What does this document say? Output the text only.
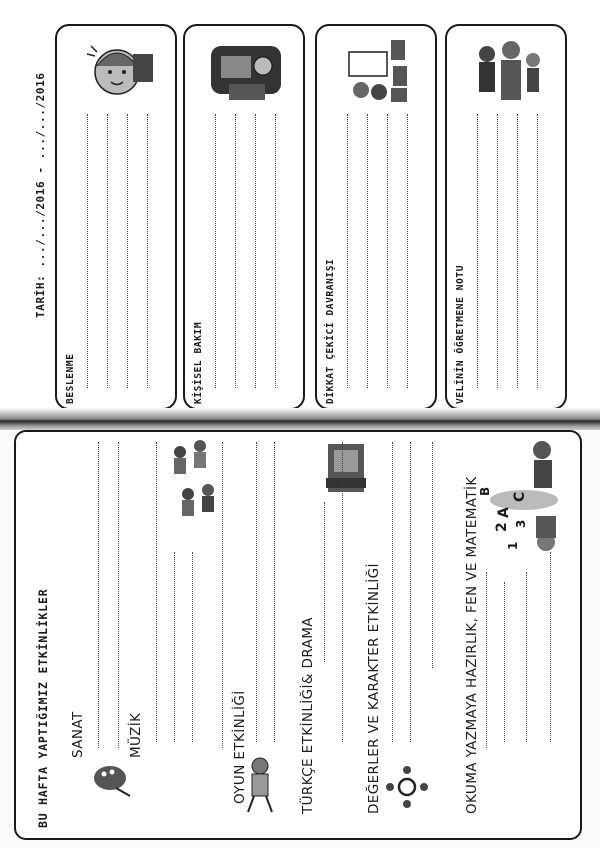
BESLENME	KİŞİSEL BAKIM	DİKKAT ÇEKİCİ DAVRANIŞI	VELİNİN ÖĞRETMENE NOTU
TARİH: .../.../2016 - .../.../2016
BU HAFTA YAPTIĞIMIZ ETKİNLİKLER SANAT	MÜZİK	OYUN ETKİNLİĞİ	TÜRKÇE ETKİNLİĞİ& DRAMA	DEĞERLER VE KARAKTER ETKİNLİĞİ	OKUMA YAZMAYA HAZIRLIK, FEN VE MATEMATİK A
B
C
1
2 3
